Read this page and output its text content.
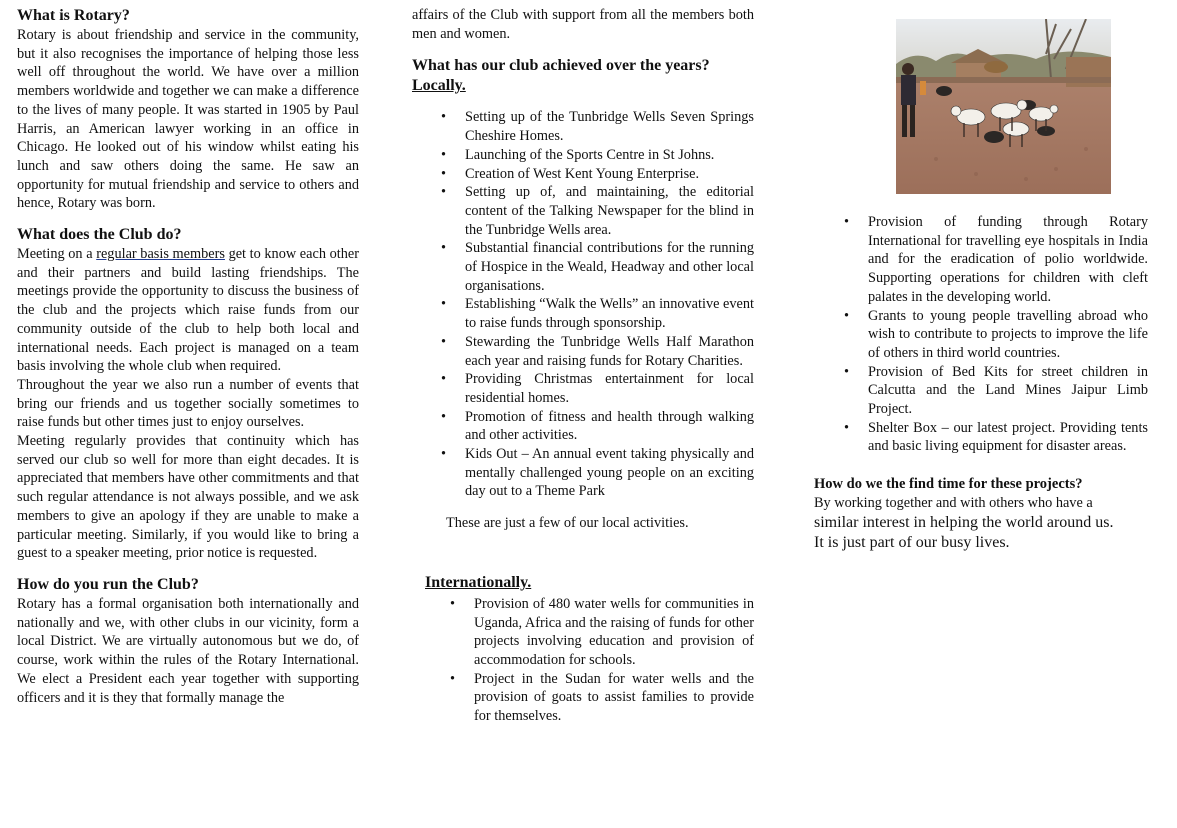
What is Rotary?

Rotary is about friendship and service in the community, but it also recognises the importance of helping those less well off throughout the world. We have over a million members worldwide and together we can make a difference to the lives of many people. It was started in 1905 by Paul Harris, an American lawyer working in an office in Chicago. He looked out of his window whilst eating his lunch and saw others doing the same. He saw an opportunity for mutual friendship and service to others and hence, Rotary was born.

What does the Club do?

Meeting on a regular basis members get to know each other and their partners and build lasting friendships. The meetings provide the opportunity to discuss the business of the club and the projects which raise funds from our community outside of the club to help both local and international needs. Each project is managed on a team basis involving the whole club when required.

Throughout the year we also run a number of events that bring our friends and us together socially sometimes to raise funds but other times just to enjoy ourselves.

Meeting regularly provides that continuity which has served our club so well for more than eight decades. It is appreciated that members have other commitments and that such regular attendance is not always possible, and we ask members to give an apology if they are unable to make a particular meeting. Similarly, if you would like to bring a guest to a speaker meeting, prior notice is requested.

How do you run the Club?

Rotary has a formal organisation both internationally and nationally and we, with other clubs in our vicinity, form a local District. We are virtually autonomous but we do, of course, work within the rules of the Rotary International. We elect a President each year together with supporting officers and it is they that formally manage the

affairs of the Club with support from all the members both men and women.

What has our club achieved over the years?
Locally.
• Setting up of the Tunbridge Wells Seven Springs Cheshire Homes.
• Launching of the Sports Centre in St Johns.
• Creation of West Kent Young Enterprise.
• Setting up of, and maintaining, the editorial content of the Talking Newspaper for the blind in the Tunbridge Wells area.
• Substantial financial contributions for the running of Hospice in the Weald, Headway and other local organisations.
• Establishing “Walk the Wells” an innovative event to raise funds through sponsorship.
• Stewarding the Tunbridge Wells Half Marathon each year and raising funds for Rotary Charities.
• Providing Christmas entertainment for local residential homes.
• Promotion of fitness and health through walking and other activities.
• Kids Out – An annual event taking physically and mentally challenged young people on an exciting day out to a Theme Park

These are just a few of our local activities.

Internationally.
• Provision of 480 water wells for communities in Uganda, Africa and the raising of funds for other projects involving education and provision of accommodation for schools.
• Project in the Sudan for water wells and the provision of goats to assist families to provide for themselves.
• Provision of funding through Rotary International for travelling eye hospitals in India and for the eradication of polio worldwide. Supporting operations for children with cleft palates in the developing world.
• Grants to young people travelling abroad who wish to contribute to projects to improve the life of others in third world countries.
• Provision of Bed Kits for street children in Calcutta and the Land Mines Jaipur Limb Project.
• Shelter Box – our latest project. Providing tents and basic living equipment for disaster areas.
How do we the find time for these projects?

By working together and with others who have a

similar interest in helping the world around us.

It is just part of our busy lives.
